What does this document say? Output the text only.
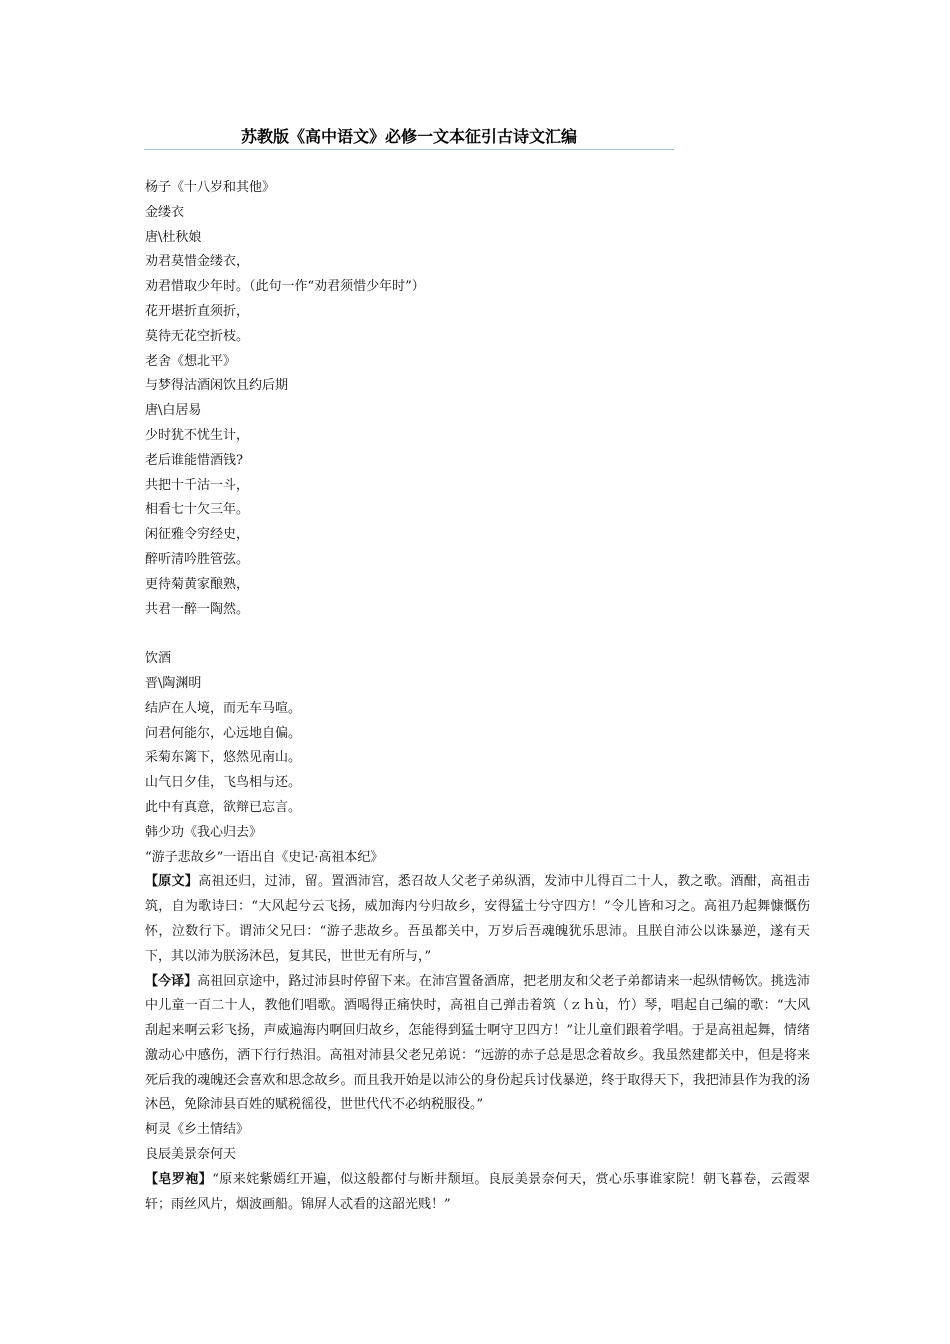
苏教版《高中语文》必修一文本征引古诗文汇编
杨子《十八岁和其他》
金缕衣
唐\杜秋娘
劝君莫惜金缕衣，
劝君惜取少年时。（此句一作“劝君须惜少年时”）
花开堪折直须折，
莫待无花空折枝。
老舍《想北平》
与梦得沽酒闲饮且约后期
唐\白居易
少时犹不忧生计，
老后谁能惜酒钱?
共把十千沽一斗，
相看七十欠三年。
闲征雅令穷经史，
醉听清吟胜管弦。
更待菊黄家酿熟，
共君一醉一陶然。
饮酒
晋\陶渊明
结庐在人境，而无车马喧。
问君何能尔，心远地自偏。
采菊东篱下，悠然见南山。
山气日夕佳，飞鸟相与还。
此中有真意，欲辩已忘言。
韩少功《我心归去》
“游子悲故乡”一语出自《史记·高祖本纪》

【原文】高祖还归，过沛，留。置酒沛宫，悉召故人父老子弟纵酒，发沛中儿得百二十人，教之歌。酒酣，高祖击筑，自为歌诗曰：“大风起兮云飞扬，威加海内兮归故乡，安得猛士兮守四方！”令儿皆和习之。高祖乃起舞慷慨伤怀，泣数行下。谓沛父兄曰：“游子悲故乡。吾虽都关中，万岁后吾魂魄犹乐思沛。且朕自沛公以诛暴逆，遂有天下，其以沛为朕汤沐邑，复其民，世世无有所与，”

【今译】高祖回京途中，路过沛县时停留下来。在沛宫置备酒席，把老朋友和父老子弟都请来一起纵情畅饮。挑选沛中儿童一百二十人，教他们唱歌。酒喝得正痛快时，高祖自己弹击着筑（ｚｈù，竹）琴，唱起自己编的歌：“大风刮起来啊云彩飞扬，声威遍海内啊回归故乡，怎能得到猛士啊守卫四方！”让儿童们跟着学唱。于是高祖起舞，情绪激动心中感伤，洒下行行热泪。高祖对沛县父老兄弟说：“远游的赤子总是思念着故乡。我虽然建都关中，但是将来死后我的魂魄还会喜欢和思念故乡。而且我开始是以沛公的身份起兵讨伐暴逆，终于取得天下，我把沛县作为我的汤沐邑，免除沛县百姓的赋税徭役，世世代代不必纳税服役。”

柯灵《乡土情结》
良辰美景奈何天

【皂罗袍】“原来姹紫嫣红开遍，似这般都付与断井颓垣。良辰美景奈何天，赏心乐事谁家院！朝飞暮卷，云霞翠轩；雨丝风片，烟波画船。锦屏人忒看的这韶光贱！”
